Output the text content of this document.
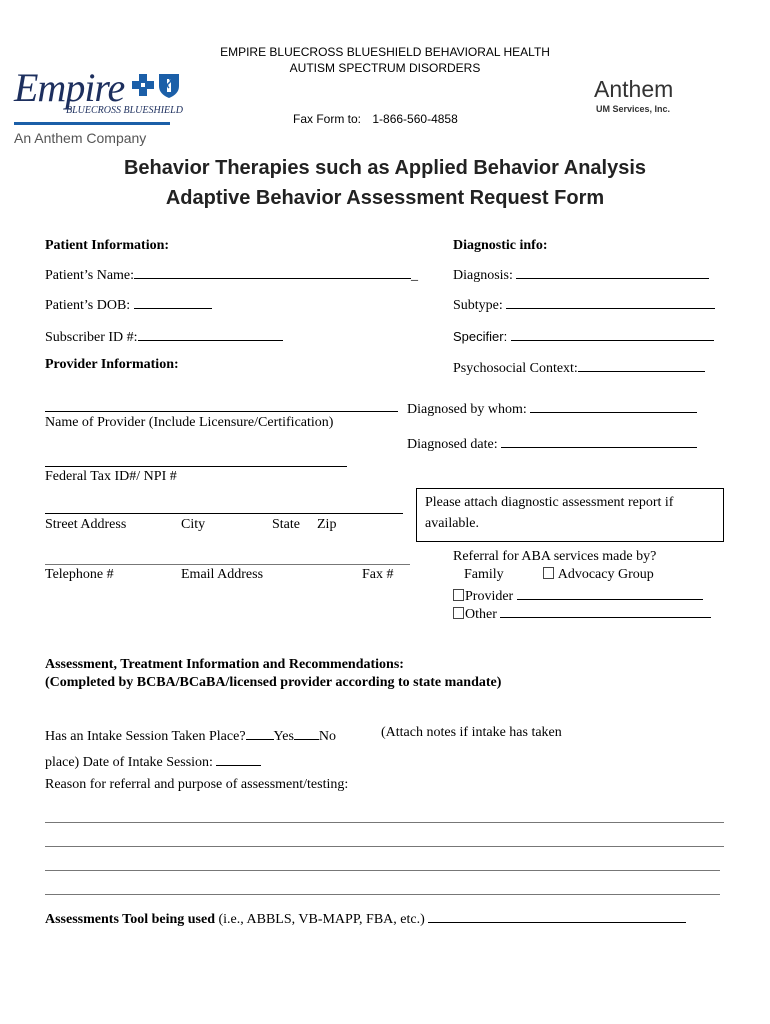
Empire
BLUECROSS BLUESHIELD
An Anthem Company
EMPIRE BLUECROSS BLUESHIELD BEHAVIORAL HEALTH
AUTISM SPECTRUM DISORDERS
Fax Form to: 1-866-560-4858
Anthem
UM Services, Inc.
Behavior Therapies such as Applied Behavior Analysis
Adaptive Behavior Assessment Request Form
Patient Information:
Patient’s Name:	_
Patient’s DOB:
Subscriber ID #:
Diagnostic info:
Diagnosis:
Subtype:
Specifier:
Psychosocial Context:
Provider Information:
Name of Provider (Include Licensure/Certification)
Diagnosed by whom:
Diagnosed date:
Federal Tax ID#/ NPI #
Please attach diagnostic assessment report if
available.
Street Address	City	State Zip
Telephone #	Email Address	Fax #
Referral for ABA services made by?
Family	Advocacy Group
Provider
Other
Assessment, Treatment Information and Recommendations:
(Completed by BCBA/BCaBA/licensed provider according to state mandate)
Has an Intake Session Taken Place? Yes No	(Attach notes if intake has taken
place) Date of Intake Session:
Reason for referral and purpose of assessment/testing:
Assessments Tool being used (i.e., ABBLS, VB-MAPP, FBA, etc.)
